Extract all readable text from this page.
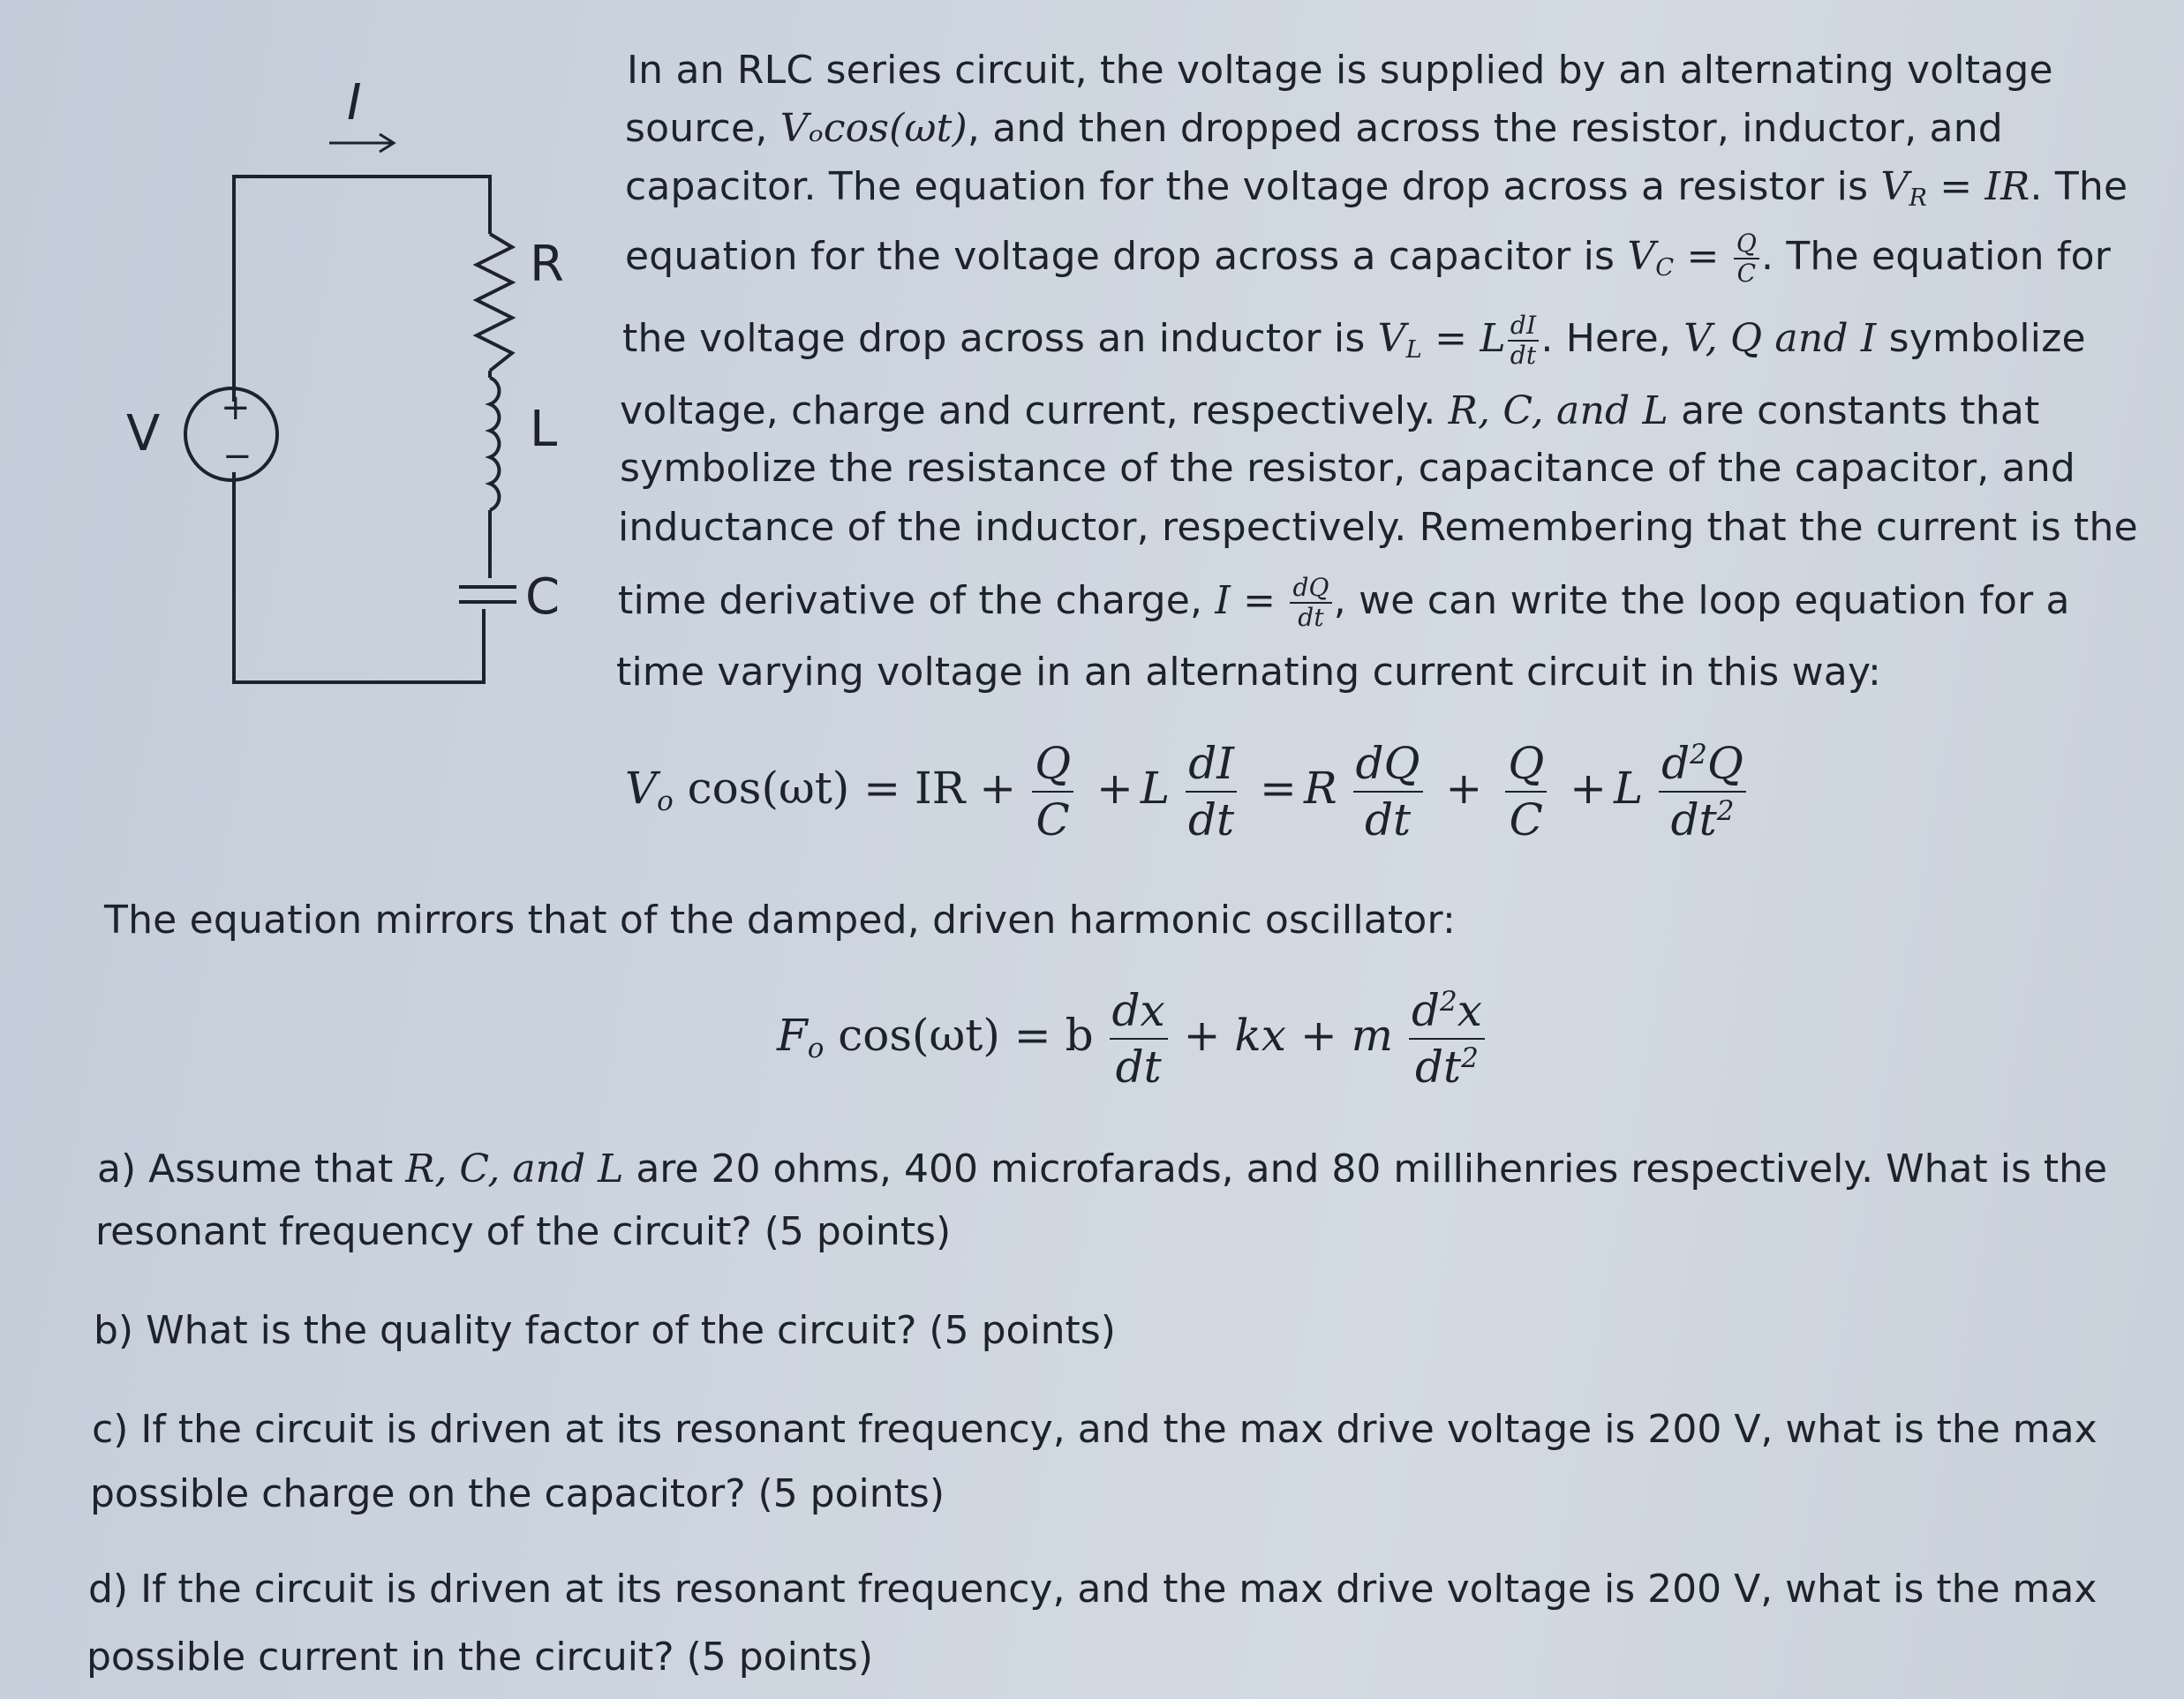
I
+
−
V
R
L
C
In an RLC series circuit, the voltage is supplied by an alternating voltage
source, Vₒcos(ωt), and then dropped across the resistor, inductor, and
capacitor. The equation for the voltage drop across a resistor is $V_R$ = IR. The
equation for the voltage drop across a capacitor is $V_C = \frac{Q}{C}$ . The equation for
the voltage drop across an inductor is $V_L = L \frac{dI}{dt}$ . Here, V, Q and I symbolize
voltage, charge and current, respectively. R, C, and L are constants that
symbolize the resistance of the resistor, capacitance of the capacitor, and
inductance of the inductor, respectively. Remembering that the current is the
time derivative of the charge, $I = \frac{dQ}{dt}$ , we can write the loop equation for a
time varying voltage in an alternating current circuit in this way:
$V_o$ cos(ωt) = IR + $\frac{Q}{C} + L \frac{dI}{dt} = R \frac{dQ}{dt} + \frac{Q}{C} + L \frac{d^2Q}{dt^2}$
The equation mirrors that of the damped, driven harmonic oscillator:
$F_o$ cos(ωt) = b $\frac{dx}{dt}$ + kx + m $\frac{d^2x}{dt^2}$
a) Assume that R, C, and L are 20 ohms, 400 microfarads, and 80 millihenries respectively. What is the
resonant frequency of the circuit? (5 points)
b) What is the quality factor of the circuit? (5 points)
c) If the circuit is driven at its resonant frequency, and the max drive voltage is 200 V, what is the max
possible charge on the capacitor? (5 points)
d) If the circuit is driven at its resonant frequency, and the max drive voltage is 200 V, what is the max
possible current in the circuit? (5 points)
